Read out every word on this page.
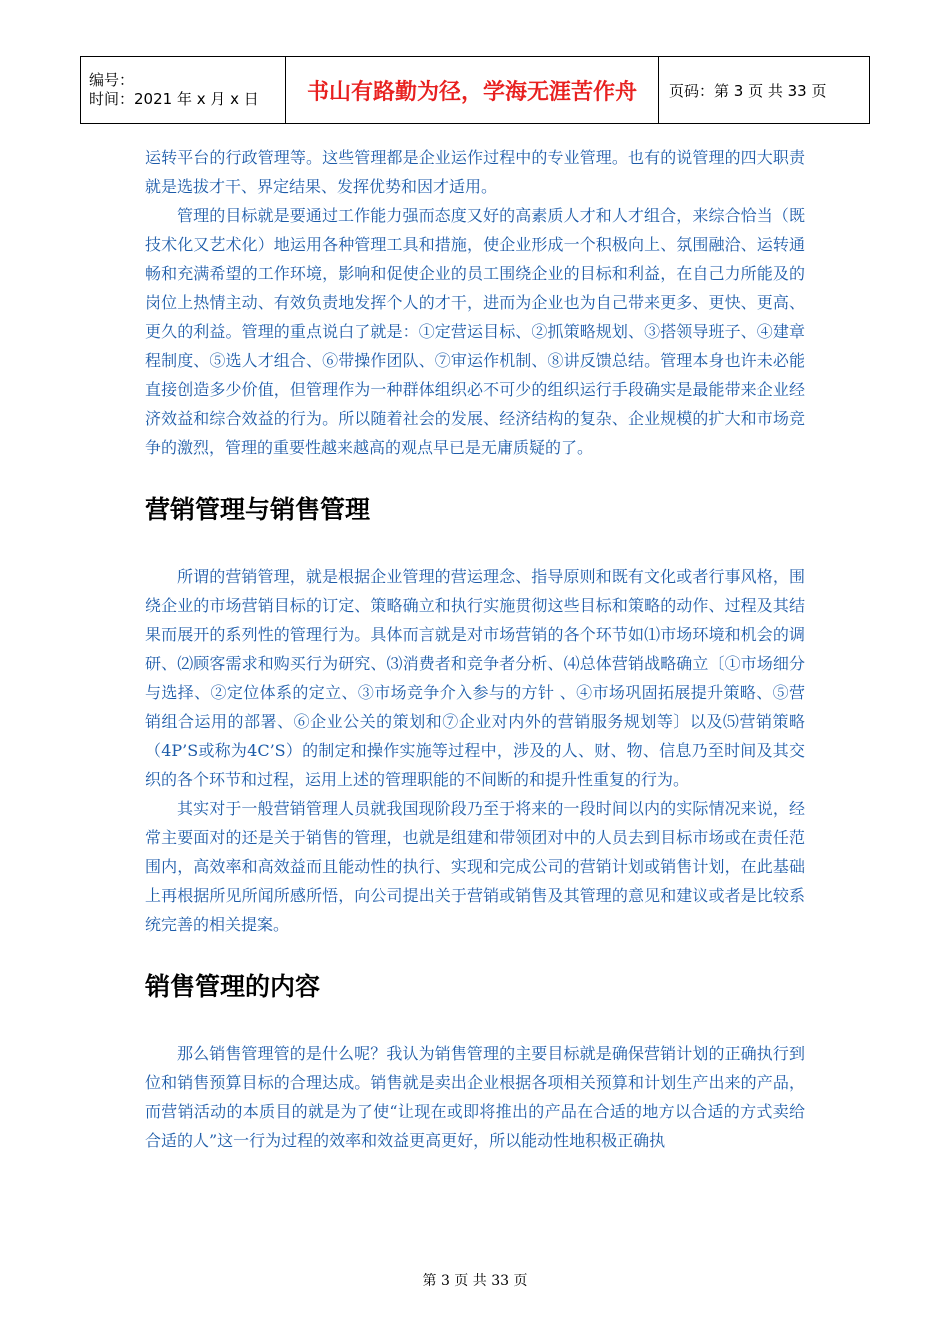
编号：
时间：2021 年 x 月 x 日	书山有路勤为径，学海无涯苦作舟	页码：第 3 页 共 33 页

运转平台的行政管理等。这些管理都是企业运作过程中的专业管理。也有的说管理的四大职责就是选拔才干、界定结果、发挥优势和因才适用。

管理的目标就是要通过工作能力强而态度又好的高素质人才和人才组合，来综合恰当（既技术化又艺术化）地运用各种管理工具和措施，使企业形成一个积极向上、氛围融洽、运转通畅和充满希望的工作环境，影响和促使企业的员工围绕企业的目标和利益，在自己力所能及的岗位上热情主动、有效负责地发挥个人的才干，进而为企业也为自己带来更多、更快、更高、更久的利益。管理的重点说白了就是：①定营运目标、②抓策略规划、③搭领导班子、④建章程制度、⑤选人才组合、⑥带操作团队、⑦审运作机制、⑧讲反馈总结。管理本身也许未必能直接创造多少价值，但管理作为一种群体组织必不可少的组织运行手段确实是最能带来企业经济效益和综合效益的行为。所以随着社会的发展、经济结构的复杂、企业规模的扩大和市场竞争的激烈，管理的重要性越来越高的观点早已是无庸质疑的了。

营销管理与销售管理

所谓的营销管理，就是根据企业管理的营运理念、指导原则和既有文化或者行事风格，围绕企业的市场营销目标的订定、策略确立和执行实施贯彻这些目标和策略的动作、过程及其结果而展开的系列性的管理行为。具体而言就是对市场营销的各个环节如⑴市场环境和机会的调研、⑵顾客需求和购买行为研究、⑶消费者和竞争者分析、⑷总体营销战略确立〔①市场细分与选择、②定位体系的定立、③市场竞争介入参与的方针 、④市场巩固拓展提升策略、⑤营销组合运用的部署、⑥企业公关的策划和⑦企业对内外的营销服务规划等〕以及⑸营销策略（4P’S或称为4C’S）的制定和操作实施等过程中，涉及的人、财、物、信息乃至时间及其交织的各个环节和过程，运用上述的管理职能的不间断的和提升性重复的行为。

其实对于一般营销管理人员就我国现阶段乃至于将来的一段时间以内的实际情况来说，经常主要面对的还是关于销售的管理，也就是组建和带领团对中的人员去到目标市场或在责任范围内，高效率和高效益而且能动性的执行、实现和完成公司的营销计划或销售计划，在此基础上再根据所见所闻所感所悟，向公司提出关于营销或销售及其管理的意见和建议或者是比较系统完善的相关提案。

销售管理的内容

那么销售管理管的是什么呢？我认为销售管理的主要目标就是确保营销计划的正确执行到位和销售预算目标的合理达成。销售就是卖出企业根据各项相关预算和计划生产出来的产品，而营销活动的本质目的就是为了使“让现在或即将推出的产品在合适的地方以合适的方式卖给合适的人”这一行为过程的效率和效益更高更好，所以能动性地积极正确执

第 3 页 共 33 页
